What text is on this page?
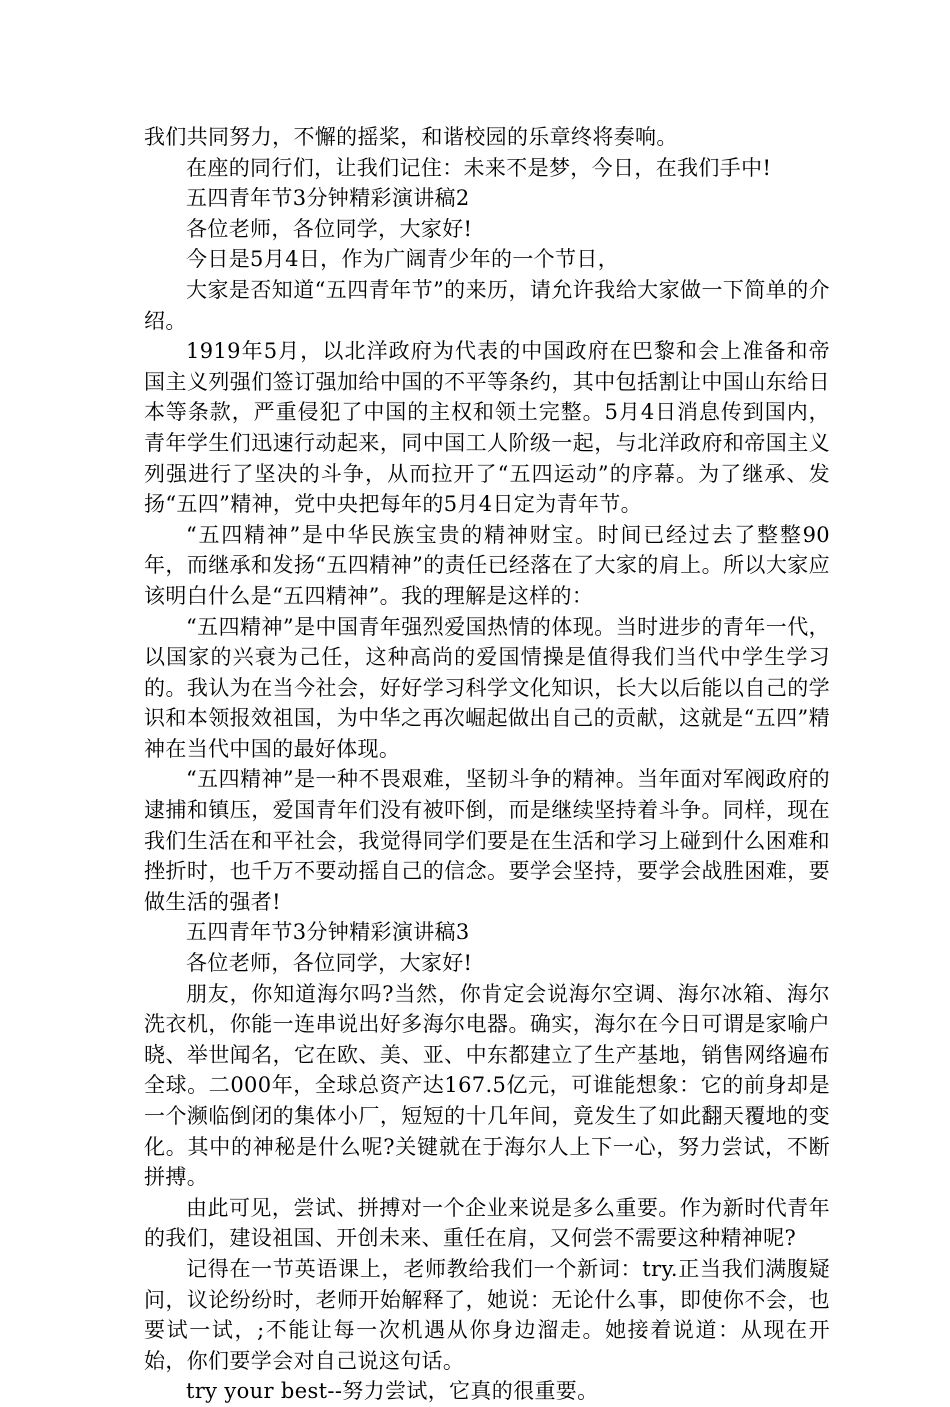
我们共同努力，不懈的摇桨，和谐校园的乐章终将奏响。

在座的同行们，让我们记住：未来不是梦，今日，在我们手中!

五四青年节3分钟精彩演讲稿2

各位老师，各位同学，大家好!

今日是5月4日，作为广阔青少年的一个节日，

大家是否知道“五四青年节”的来历，请允许我给大家做一下简单的介绍。

1919年5月，以北洋政府为代表的中国政府在巴黎和会上准备和帝国主义列强们签订强加给中国的不平等条约，其中包括割让中国山东给日本等条款，严重侵犯了中国的主权和领土完整。5月4日消息传到国内，青年学生们迅速行动起来，同中国工人阶级一起，与北洋政府和帝国主义列强进行了坚决的斗争，从而拉开了“五四运动”的序幕。为了继承、发扬“五四”精神，党中央把每年的5月4日定为青年节。

“五四精神”是中华民族宝贵的精神财宝。时间已经过去了整整90年，而继承和发扬“五四精神”的责任已经落在了大家的肩上。所以大家应该明白什么是“五四精神”。我的理解是这样的：

“五四精神”是中国青年强烈爱国热情的体现。当时进步的青年一代，以国家的兴衰为己任，这种高尚的爱国情操是值得我们当代中学生学习的。我认为在当今社会，好好学习科学文化知识，长大以后能以自己的学识和本领报效祖国，为中华之再次崛起做出自己的贡献，这就是“五四”精神在当代中国的最好体现。

“五四精神”是一种不畏艰难，坚韧斗争的精神。当年面对军阀政府的逮捕和镇压，爱国青年们没有被吓倒，而是继续坚持着斗争。同样，现在我们生活在和平社会，我觉得同学们要是在生活和学习上碰到什么困难和挫折时，也千万不要动摇自己的信念。要学会坚持，要学会战胜困难，要做生活的强者!

五四青年节3分钟精彩演讲稿3

各位老师，各位同学，大家好!

朋友，你知道海尔吗?当然，你肯定会说海尔空调、海尔冰箱、海尔洗衣机，你能一连串说出好多海尔电器。确实，海尔在今日可谓是家喻户晓、举世闻名，它在欧、美、亚、中东都建立了生产基地，销售网络遍布全球。二000年，全球总资产达167.5亿元，可谁能想象：它的前身却是一个濒临倒闭的集体小厂，短短的十几年间，竟发生了如此翻天覆地的变化。其中的神秘是什么呢?关键就在于海尔人上下一心，努力尝试，不断拼搏。

由此可见，尝试、拼搏对一个企业来说是多么重要。作为新时代青年的我们，建设祖国、开创未来、重任在肩，又何尝不需要这种精神呢?

记得在一节英语课上，老师教给我们一个新词：try.正当我们满腹疑问，议论纷纷时，老师开始解释了，她说：无论什么事，即使你不会，也要试一试，;不能让每一次机遇从你身边溜走。她接着说道：从现在开始，你们要学会对自己说这句话。

try your best--努力尝试，它真的很重要。
